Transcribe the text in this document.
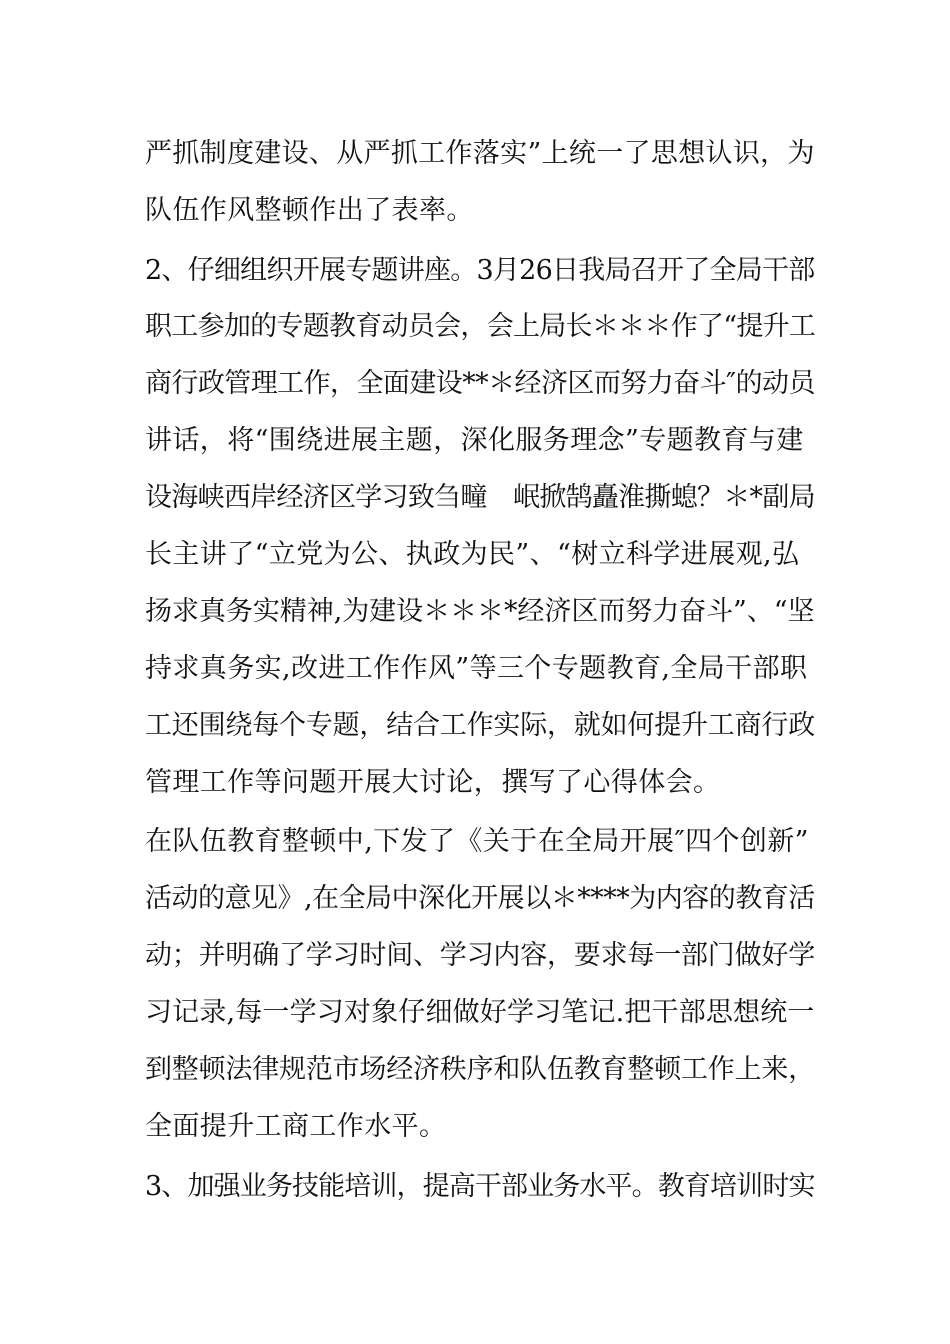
严抓制度建设、从严抓工作落实”上统一了思想认识，为
队伍作风整顿作出了表率。
2、仔细组织开展专题讲座。3月26日我局召开了全局干部
职工参加的专题教育动员会，会上局长＊＊＊作了“提升工
商行政管理工作，全面建设**＊经济区而努力奋斗″的动员
讲话，将“围绕进展主题，深化服务理念”专题教育与建
设海峡西岸经济区学习致刍疃　岷掀鹄矗淮撕螅？＊*副局
长主讲了“立党为公、执政为民”、“树立科学进展观,弘
扬求真务实精神,为建设＊＊＊*经济区而努力奋斗”、“坚
持求真务实,改进工作作风”等三个专题教育,全局干部职
工还围绕每个专题，结合工作实际，就如何提升工商行政
管理工作等问题开展大讨论，撰写了心得体会。
在队伍教育整顿中,下发了《关于在全局开展″四个创新”
活动的意见》,在全局中深化开展以＊****为内容的教育活
动；并明确了学习时间、学习内容，要求每一部门做好学
习记录,每一学习对象仔细做好学习笔记.把干部思想统一
到整顿法律规范市场经济秩序和队伍教育整顿工作上来，
全面提升工商工作水平。
3、加强业务技能培训，提高干部业务水平。教育培训时实
